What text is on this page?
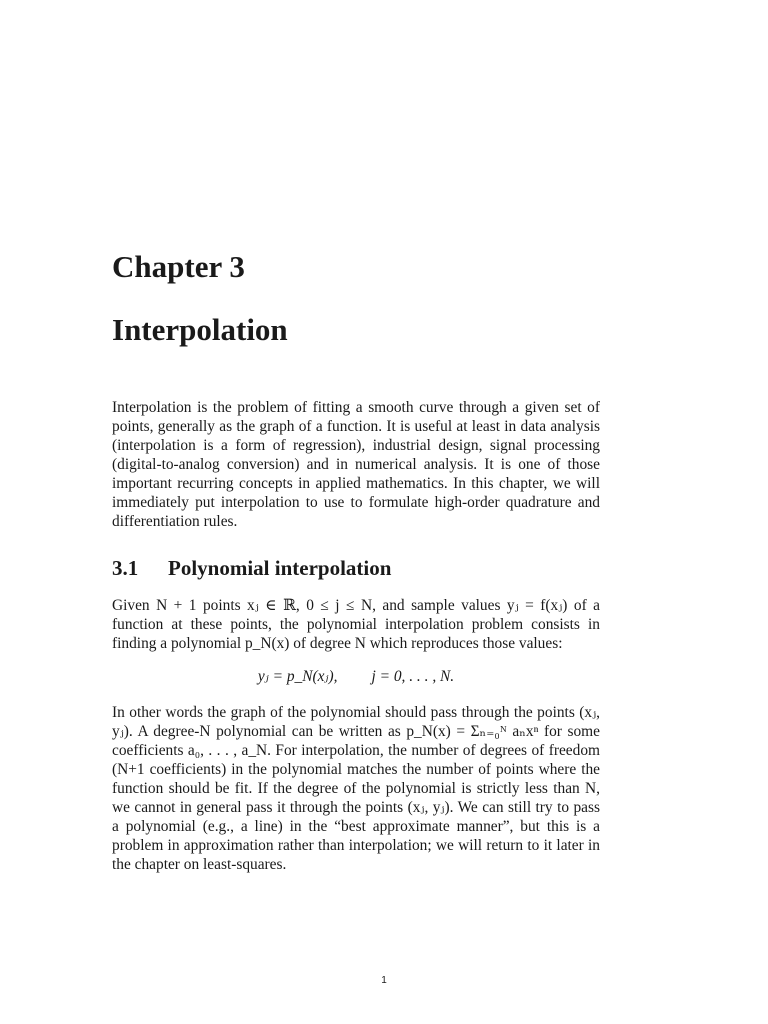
Chapter 3
Interpolation

Interpolation is the problem of fitting a smooth curve through a given set of points, generally as the graph of a function. It is useful at least in data analysis (interpolation is a form of regression), industrial design, signal processing (digital-to-analog conversion) and in numerical analysis. It is one of those important recurring concepts in applied mathematics. In this chapter, we will immediately put interpolation to use to formulate high-order quadrature and differentiation rules.

3.1 Polynomial interpolation

Given N + 1 points xⱼ ∈ ℝ, 0 ≤ j ≤ N, and sample values yⱼ = f(xⱼ) of a function at these points, the polynomial interpolation problem consists in finding a polynomial p_N(x) of degree N which reproduces those values:

yⱼ = p_N(xⱼ), j = 0, . . . , N.

In other words the graph of the polynomial should pass through the points (xⱼ, yⱼ). A degree-N polynomial can be written as p_N(x) = Σₙ₌₀ᴺ aₙxⁿ for some coefficients a₀, . . . , a_N. For interpolation, the number of degrees of freedom (N+1 coefficients) in the polynomial matches the number of points where the function should be fit. If the degree of the polynomial is strictly less than N, we cannot in general pass it through the points (xⱼ, yⱼ). We can still try to pass a polynomial (e.g., a line) in the “best approximate manner”, but this is a problem in approximation rather than interpolation; we will return to it later in the chapter on least-squares.

1
